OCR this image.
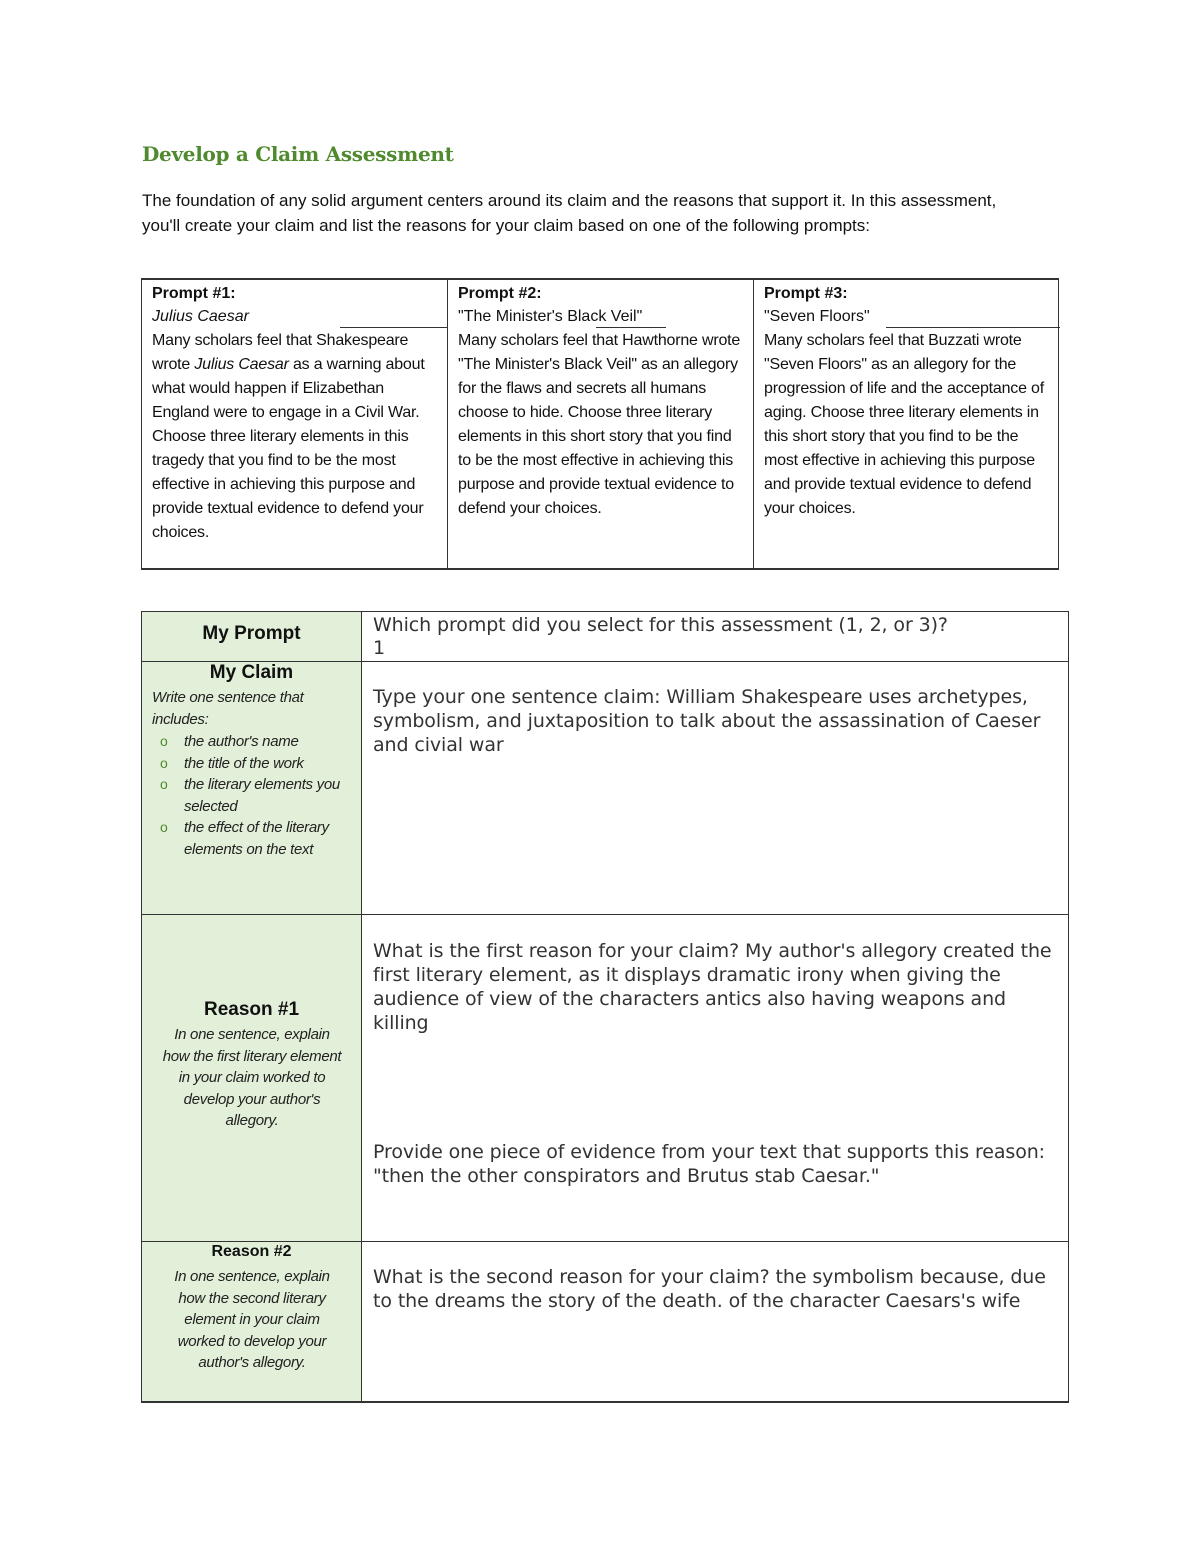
Develop a Claim Assessment
The foundation of any solid argument centers around its claim and the reasons that support it. In this assessment, you'll create your claim and list the reasons for your claim based on one of the following prompts:
Prompt #1:
Julius Caesar
Many scholars feel that Shakespeare wrote Julius Caesar as a warning about what would happen if Elizabethan England were to engage in a Civil War. Choose three literary elements in this tragedy that you find to be the most effective in achieving this purpose and provide textual evidence to defend your choices.
Prompt #2:
"The Minister's Black Veil"
Many scholars feel that Hawthorne wrote "The Minister's Black Veil" as an allegory for the flaws and secrets all humans choose to hide. Choose three literary elements in this short story that you find to be the most effective in achieving this purpose and provide textual evidence to defend your choices.
Prompt #3:
"Seven Floors"
Many scholars feel that Buzzati wrote "Seven Floors" as an allegory for the progression of life and the acceptance of aging. Choose three literary elements in this short story that you find to be the most effective in achieving this purpose and provide textual evidence to defend your choices.
My Prompt	Which prompt did you select for this assessment (1, 2, or 3)?
1
My Claim
Write one sentence that includes:
o the author's name
o the title of the work
o the literary elements you selected
o the effect of the literary elements on the text
Type your one sentence claim: William Shakespeare uses archetypes, symbolism, and juxtaposition to talk about the assassination of Caeser and civial war
Reason #1
In one sentence, explain how the first literary element in your claim worked to develop your author's allegory.
What is the first reason for your claim? My author's allegory created the first literary element, as it displays dramatic irony when giving the audience of view of the characters antics also having weapons and killing
Provide one piece of evidence from your text that supports this reason: "then the other conspirators and Brutus stab Caesar."
Reason #2
In one sentence, explain how the second literary element in your claim worked to develop your author's allegory.
What is the second reason for your claim? the symbolism because, due to the dreams the story of the death. of the character Caesars's wife
